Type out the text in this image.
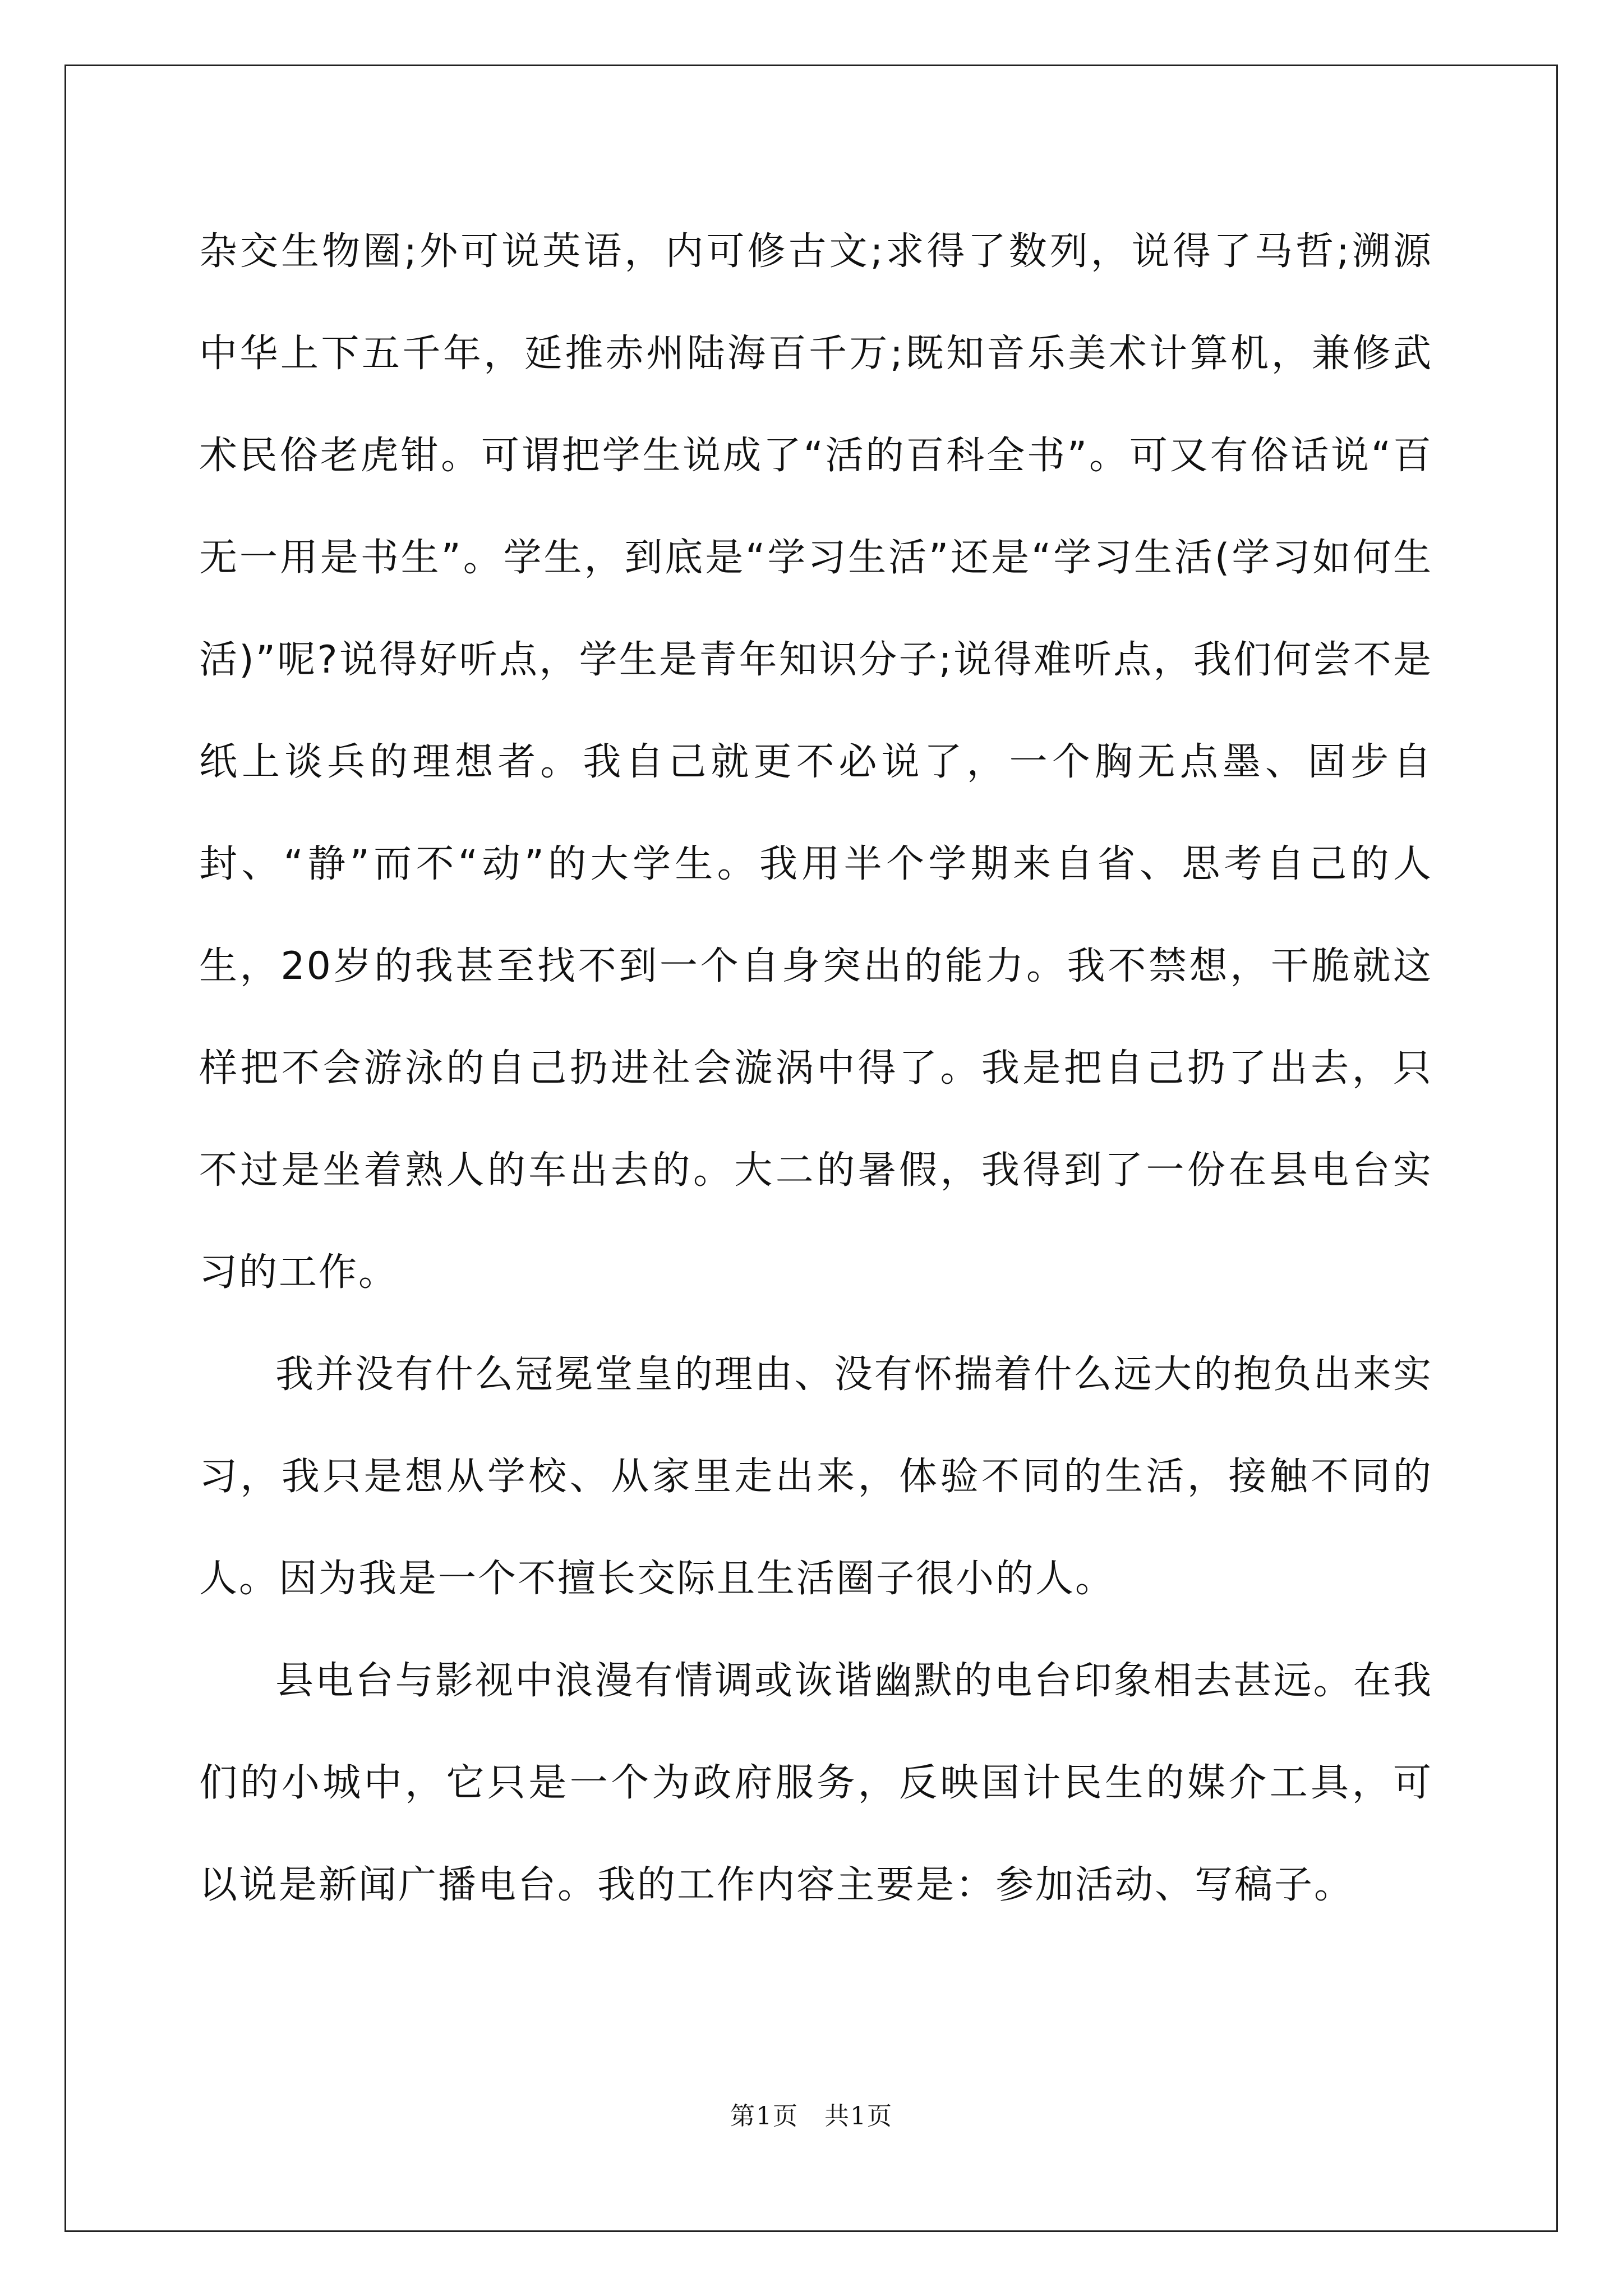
杂交生物圈;外可说英语，内可修古文;求得了数列，说得了马哲;溯源中华上下五千年，延推赤州陆海百千万;既知音乐美术计算机，兼修武术民俗老虎钳。可谓把学生说成了“活的百科全书”。可又有俗话说“百无一用是书生”。学生，到底是“学习生活”还是“学习生活(学习如何生活)”呢?说得好听点，学生是青年知识分子;说得难听点，我们何尝不是纸上谈兵的理想者。我自己就更不必说了，一个胸无点墨、固步自封、“静”而不“动”的大学生。我用半个学期来自省、思考自己的人生，20岁的我甚至找不到一个自身突出的能力。我不禁想，干脆就这样把不会游泳的自己扔进社会漩涡中得了。我是把自己扔了出去，只不过是坐着熟人的车出去的。大二的暑假，我得到了一份在县电台实习的工作。

我并没有什么冠冕堂皇的理由、没有怀揣着什么远大的抱负出来实习，我只是想从学校、从家里走出来，体验不同的生活，接触不同的人。因为我是一个不擅长交际且生活圈子很小的人。

县电台与影视中浪漫有情调或诙谐幽默的电台印象相去甚远。在我们的小城中，它只是一个为政府服务，反映国计民生的媒介工具，可以说是新闻广播电台。我的工作内容主要是：参加活动、写稿子。

第1页　共1页
